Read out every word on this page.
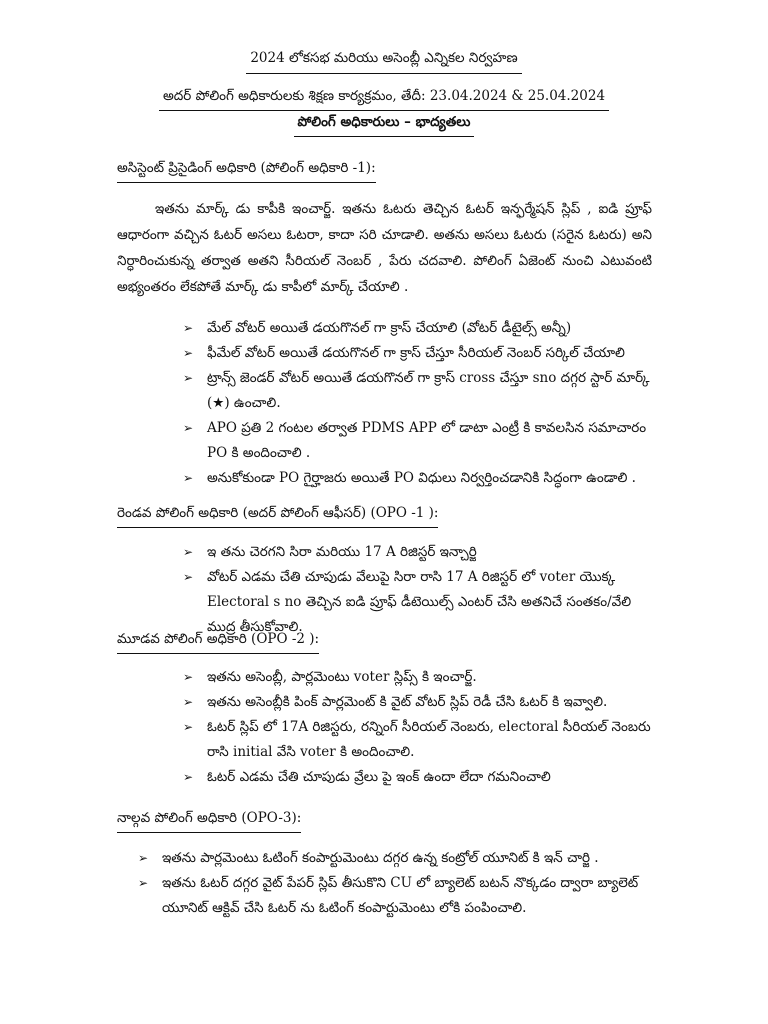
2024 లోకసభ మరియు అసెంబ్లీ ఎన్నికల నిర్వహణ
అదర్ పోలింగ్ అధికారులకు శిక్షణ కార్యక్రమం, తేదీ: 23.04.2024 & 25.04.2024
పోలింగ్ అధికారులు – భాద్యతలు
అసిస్టెంట్ ప్రిసైడింగ్ అధికారి (పోలింగ్ అధికారి -1):
ఇతను మార్క్ డు కాపీకి ఇంచార్జ్. ఇతను ఓటరు తెచ్చిన ఓటర్ ఇన్ఫర్మేషన్ స్లిప్ , ఐడి ప్రూఫ్ ఆధారంగా వచ్చిన ఓటర్ అసలు ఓటరా, కాదా సరి చూడాలి. అతను అసలు ఓటరు (సరైన ఓటరు) అని నిర్ధారించుకున్న తర్వాత అతని సీరియల్ నెంబర్ , పేరు చదవాలి. పోలింగ్ ఏజెంట్ నుంచి ఎటువంటి అభ్యంతరం లేకపోతే మార్క్ డు కాపీలో మార్క్ చేయాలి .
➢ మేల్ వోటర్ అయితే డయగొనల్ గా క్రాస్ చేయాలి (వోటర్ డీటైల్స్ అన్నీ)
➢ ఫీమేల్ వోటర్ అయితే డయగొనల్ గా క్రాస్ చేస్తూ సీరియల్ నెంబర్ సర్కిల్ చేయాలి
➢ ట్రాన్స్ జెండర్ వోటర్ అయితే డయగొనల్ గా క్రాస్ cross చేస్తూ sno దగ్గర స్టార్ మార్క్ (★) ఉంచాలి.
➢ APO ప్రతి 2 గంటల తర్వాత PDMS APP లో డాటా ఎంట్రీ కి కావలసిన సమాచారం PO కి అందించాలి .
➢ అనుకోకుండా PO గైర్హాజరు అయితే PO విధులు నిర్వర్తించడానికి సిద్ధంగా ఉండాలి .
రెండవ పోలింగ్ అధికారి (అదర్ పోలింగ్ ఆఫీసర్) (OPO -1 ):
➢ ఇ తను చెరగని సిరా మరియు 17 A రిజిస్టర్ ఇన్చార్జి
➢ వోటర్ ఎడమ చేతి చూపుడు వేలుపై సిరా రాసి 17 A రిజిస్టర్ లో voter యొక్క Electoral s no తెచ్చిన ఐడి ప్రూఫ్ డీటెయిల్స్ ఎంటర్ చేసి అతనిచే సంతకం/వేలి ముద్ర తీసుకోవాలి.
మూడవ పోలింగ్ అధికారి (OPO -2 ):
➢ ఇతను అసెంబ్లీ, పార్లమెంటు voter స్లిప్స్ కి ఇంచార్జ్.
➢ ఇతను అసెంబ్లీకి పింక్ పార్లమెంట్ కి వైట్ వోటర్ స్లిప్ రెడీ చేసి ఓటర్ కి ఇవ్వాలి.
➢ ఓటర్ స్లిప్ లో 17A రిజిస్టరు, రన్నింగ్ సీరియల్ నెంబరు, electoral సీరియల్ నెంబరు రాసి initial వేసి voter కి అందించాలి.
➢ ఓటర్ ఎడమ చేతి చూపుడు వ్రేలు పై ఇంక్ ఉందా లేదా గమనించాలి
నాల్గవ పోలింగ్ అధికారి (OPO-3):
➢ ఇతను పార్లమెంటు ఓటింగ్ కంపార్టుమెంటు దగ్గర ఉన్న కంట్రోల్ యూనిట్ కి ఇన్ చార్జి .
➢ ఇతను ఓటర్ దగ్గర వైట్ పేపర్ స్లిప్ తీసుకొని CU లో బ్యాలెట్ బటన్ నొక్కడం ద్వారా బ్యాలెట్ యూనిట్ ఆక్టివ్ చేసి ఓటర్ ను ఓటింగ్ కంపార్టుమెంటు లోకి పంపించాలి.
